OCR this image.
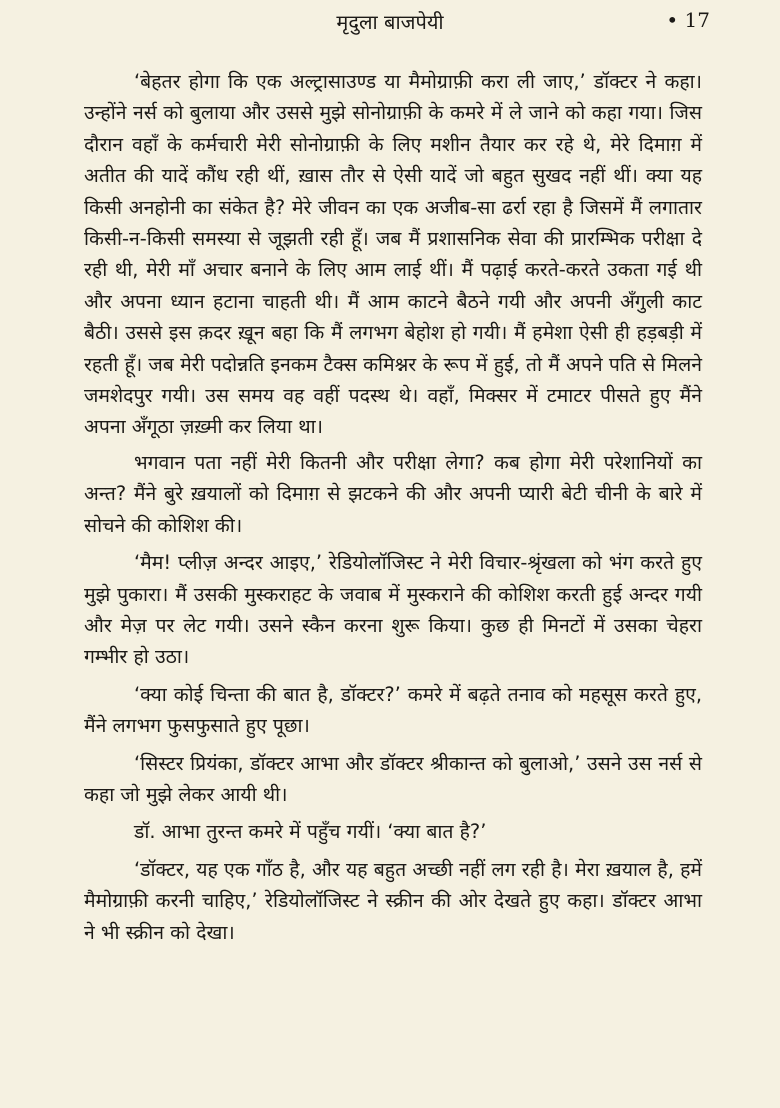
मृदुला बाजपेयी	• 17

‘बेहतर होगा कि एक अल्ट्रासाउण्ड या मैमोग्राफ़ी करा ली जाए,’ डॉक्टर ने कहा। उन्होंने नर्स को बुलाया और उससे मुझे सोनोग्राफ़ी के कमरे में ले जाने को कहा गया। जिस दौरान वहाँ के कर्मचारी मेरी सोनोग्राफ़ी के लिए मशीन तैयार कर रहे थे, मेरे दिमाग़ में अतीत की यादें कौंध रही थीं, ख़ास तौर से ऐसी यादें जो बहुत सुखद नहीं थीं। क्या यह किसी अनहोनी का संकेत है? मेरे जीवन का एक अजीब-सा ढर्रा रहा है जिसमें मैं लगातार किसी-न-किसी समस्या से जूझती रही हूँ। जब मैं प्रशासनिक सेवा की प्रारम्भिक परीक्षा दे रही थी, मेरी माँ अचार बनाने के लिए आम लाई थीं। मैं पढ़ाई करते-करते उकता गई थी और अपना ध्यान हटाना चाहती थी। मैं आम काटने बैठने गयी और अपनी अँगुली काट बैठी। उससे इस क़दर ख़ून बहा कि मैं लगभग बेहोश हो गयी। मैं हमेशा ऐसी ही हड़बड़ी में रहती हूँ। जब मेरी पदोन्नति इनकम टैक्स कमिश्नर के रूप में हुई, तो मैं अपने पति से मिलने जमशेदपुर गयी। उस समय वह वहीं पदस्थ थे। वहाँ, मिक्सर में टमाटर पीसते हुए मैंने अपना अँगूठा ज़ख़्मी कर लिया था।

भगवान पता नहीं मेरी कितनी और परीक्षा लेगा? कब होगा मेरी परेशानियों का अन्त? मैंने बुरे ख़यालों को दिमाग़ से झटकने की और अपनी प्यारी बेटी चीनी के बारे में सोचने की कोशिश की।

‘मैम! प्लीज़ अन्दर आइए,’ रेडियोलॉजिस्ट ने मेरी विचार-श्रृंखला को भंग करते हुए मुझे पुकारा। मैं उसकी मुस्कराहट के जवाब में मुस्कराने की कोशिश करती हुई अन्दर गयी और मेज़ पर लेट गयी। उसने स्कैन करना शुरू किया। कुछ ही मिनटों में उसका चेहरा गम्भीर हो उठा।

‘क्या कोई चिन्ता की बात है, डॉक्टर?’ कमरे में बढ़ते तनाव को महसूस करते हुए, मैंने लगभग फुसफुसाते हुए पूछा।

‘सिस्टर प्रियंका, डॉक्टर आभा और डॉक्टर श्रीकान्त को बुलाओ,’ उसने उस नर्स से कहा जो मुझे लेकर आयी थी।

डॉ. आभा तुरन्त कमरे में पहुँच गयीं। ‘क्या बात है?’

‘डॉक्टर, यह एक गाँठ है, और यह बहुत अच्छी नहीं लग रही है। मेरा ख़याल है, हमें मैमोग्राफ़ी करनी चाहिए,’ रेडियोलॉजिस्ट ने स्क्रीन की ओर देखते हुए कहा। डॉक्टर आभा ने भी स्क्रीन को देखा।
